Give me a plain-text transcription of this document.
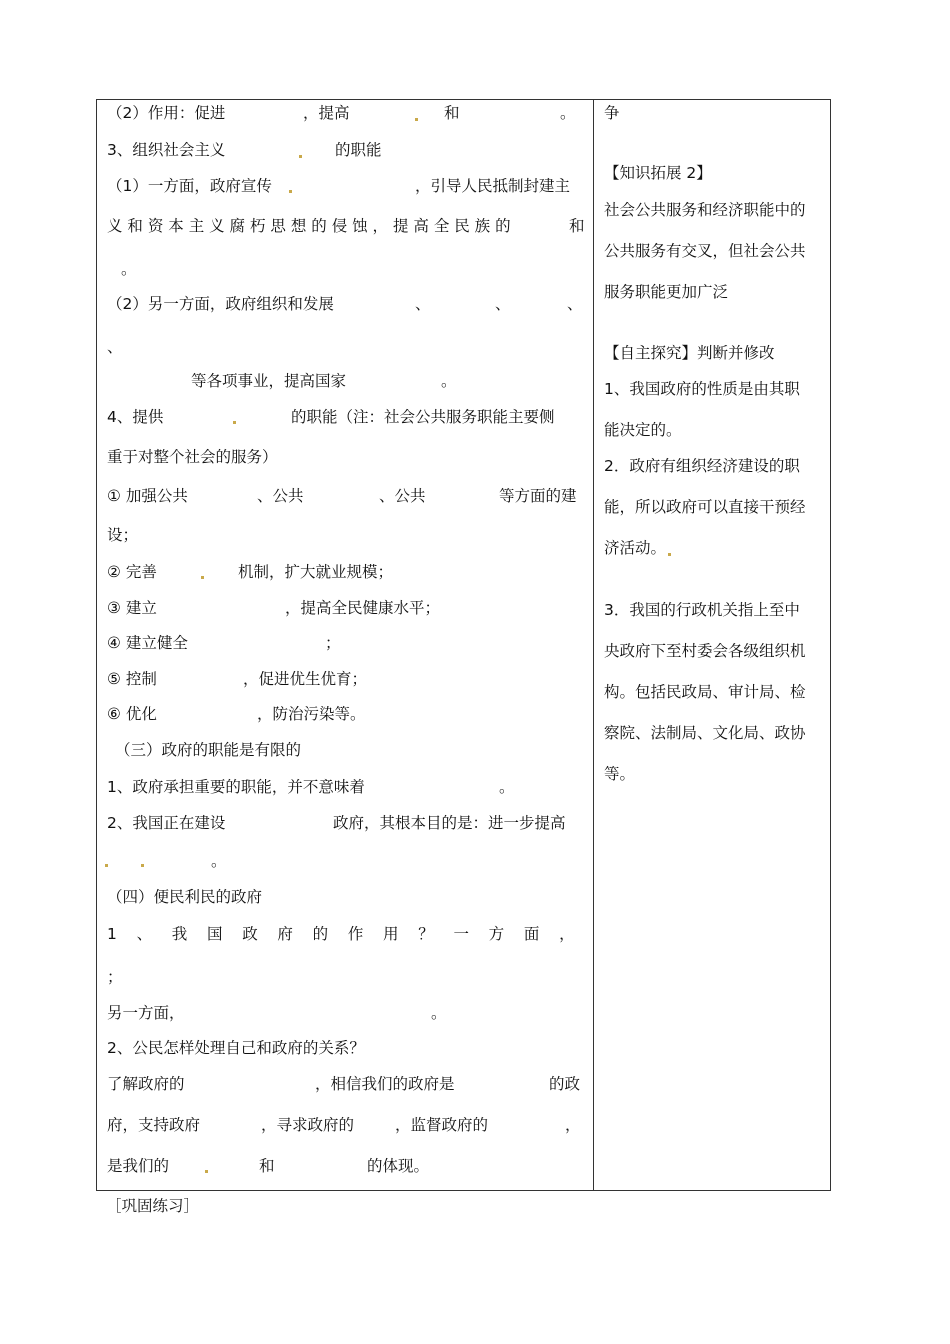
（2）作用：促进	，提高	和	。
3、组织社会主义	的职能
（1）一方面，政府宣传	，引导人民抵制封建主
义 和 资 本 主 义 腐 朽 思 想 的 侵 蚀 ， 提 高 全 民 族 的	和
。
（2）另一方面，政府组织和发展	、	、	、
、
等各项事业，提高国家	。
4、提供	的职能（注：社会公共服务职能主要侧
重于对整个社会的服务）
① 加强公共	、公共	、公共	等方面的建
设；
② 完善	机制，扩大就业规模；
③ 建立	，提高全民健康水平；
④ 建立健全	；
⑤ 控制	，促进优生优育；
⑥ 优化	，防治污染等。
（三）政府的职能是有限的
1、政府承担重要的职能，并不意味着	。
2、我国正在建设	政府，其根本目的是：进一步提高
。
（四）便民利民的政府
1    、    我    国    政    府    的    作    用    ？    一    方    面    ，
；
另一方面，	。
2、公民怎样处理自己和政府的关系？
了解政府的	，相信我们的政府是	的政
府，支持政府	，寻求政府的	，监督政府的	，
是我们的	和	的体现。
争
【知识拓展 2】
社会公共服务和经济职能中的
公共服务有交叉，但社会公共
服务职能更加广泛
【自主探究】判断并修改
1、我国政府的性质是由其职
能决定的。
2．政府有组织经济建设的职
能，所以政府可以直接干预经
济活动。
3．我国的行政机关指上至中
央政府下至村委会各级组织机
构。包括民政局、审计局、检
察院、法制局、文化局、政协
等。
［巩固练习］
